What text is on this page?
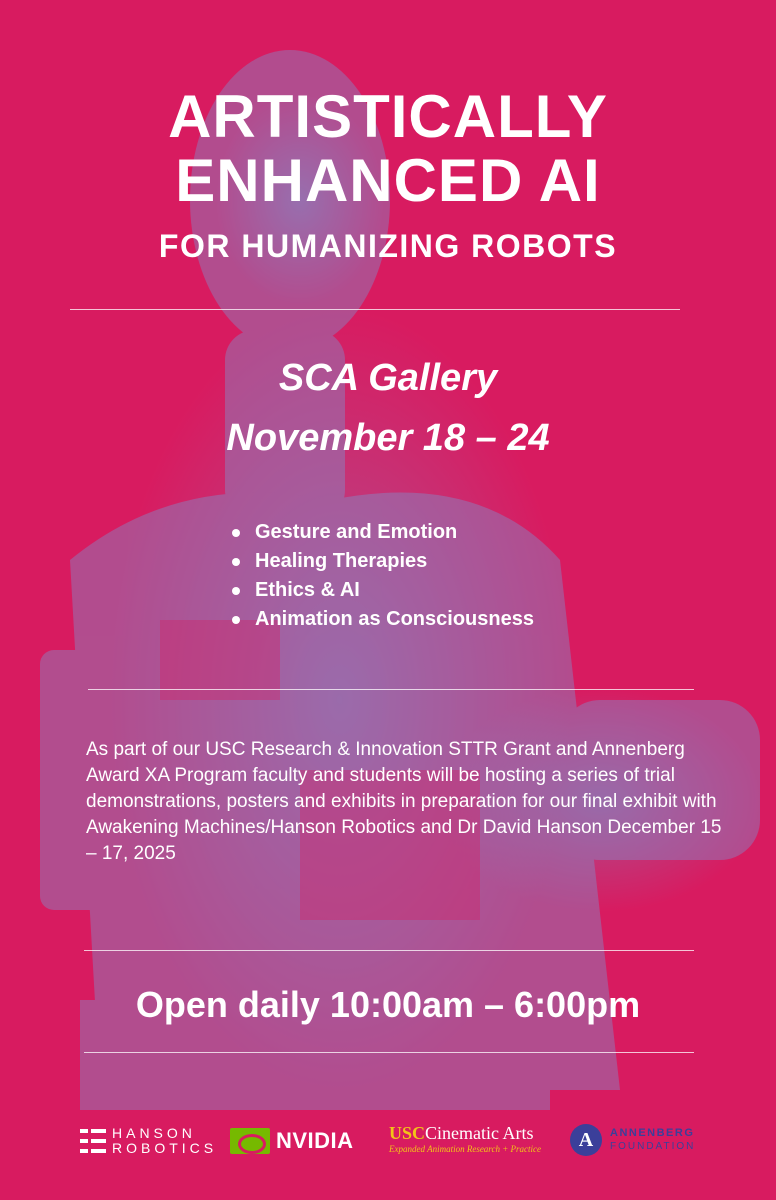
ARTISTICALLY
ENHANCED AI
FOR HUMANIZING ROBOTS
SCA Gallery
November 18 – 24
Gesture and Emotion
Healing Therapies
Ethics & AI
Animation as Consciousness

As part of our USC Research & Innovation STTR Grant and Annenberg Award XA Program faculty and students will be hosting a series of trial demonstrations, posters and exhibits in preparation for our final exhibit with Awakening Machines/Hanson Robotics and Dr David Hanson December 15 – 17, 2025

Open daily 10:00am – 6:00pm
HANSON
ROBOTICS	NVIDIA USCCinematic Arts
Expanded Animation Research + Practice	A	ANNENBERG
FOUNDATION
